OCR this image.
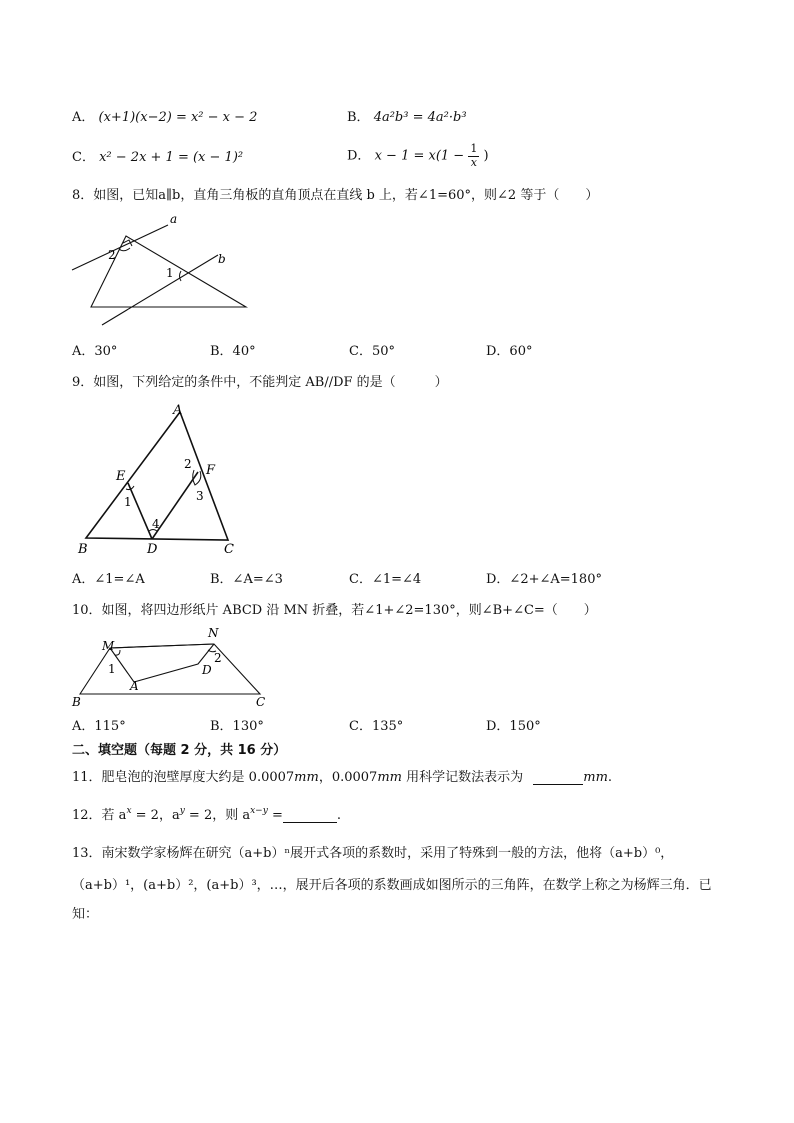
A． (x+1)(x−2) = x² − x − 2	B． 4a²b³ = 4a²·b³
C． x² − 2x + 1 = (x − 1)²	D． $x - 1 = x(1 - \frac{1}{x}$ )
8．如图，已知a∥b，直角三角板的直角顶点在直线 b 上，若∠1=60°，则∠2 等于（　　）
a
b
2
1
A．30°	B．40°	C．50°	D．60°
9．如图，下列给定的条件中，不能判定 AB//DF 的是（　　　）
A
B	C
D
E	F
1
2
3
4
A．∠1=∠A	B．∠A=∠3	C．∠1=∠4	D．∠2+∠A=180°
10．如图，将四边形纸片 ABCD 沿 MN 折叠，若∠1+∠2=130°，则∠B+∠C=（　　）
M
N
A
B	C
D
1
2
A．115°	B．130°	C．135°	D．150°
二、填空题（每题 2 分，共 16 分）
11．肥皂泡的泡壁厚度大约是 0.0007mm，0.0007mm 用科学记数法表示为	mm.
12．若 $a^x = 2$，$a^y = 2$，则 $a^{x-y}$ =	.
13．南宋数学家杨辉在研究（a+b）ⁿ展开式各项的系数时，采用了特殊到一般的方法，他将（a+b）⁰，
（a+b）¹，(a+b）²，(a+b）³，…，展开后各项的系数画成如图所示的三角阵，在数学上称之为杨辉三角．已
知：
